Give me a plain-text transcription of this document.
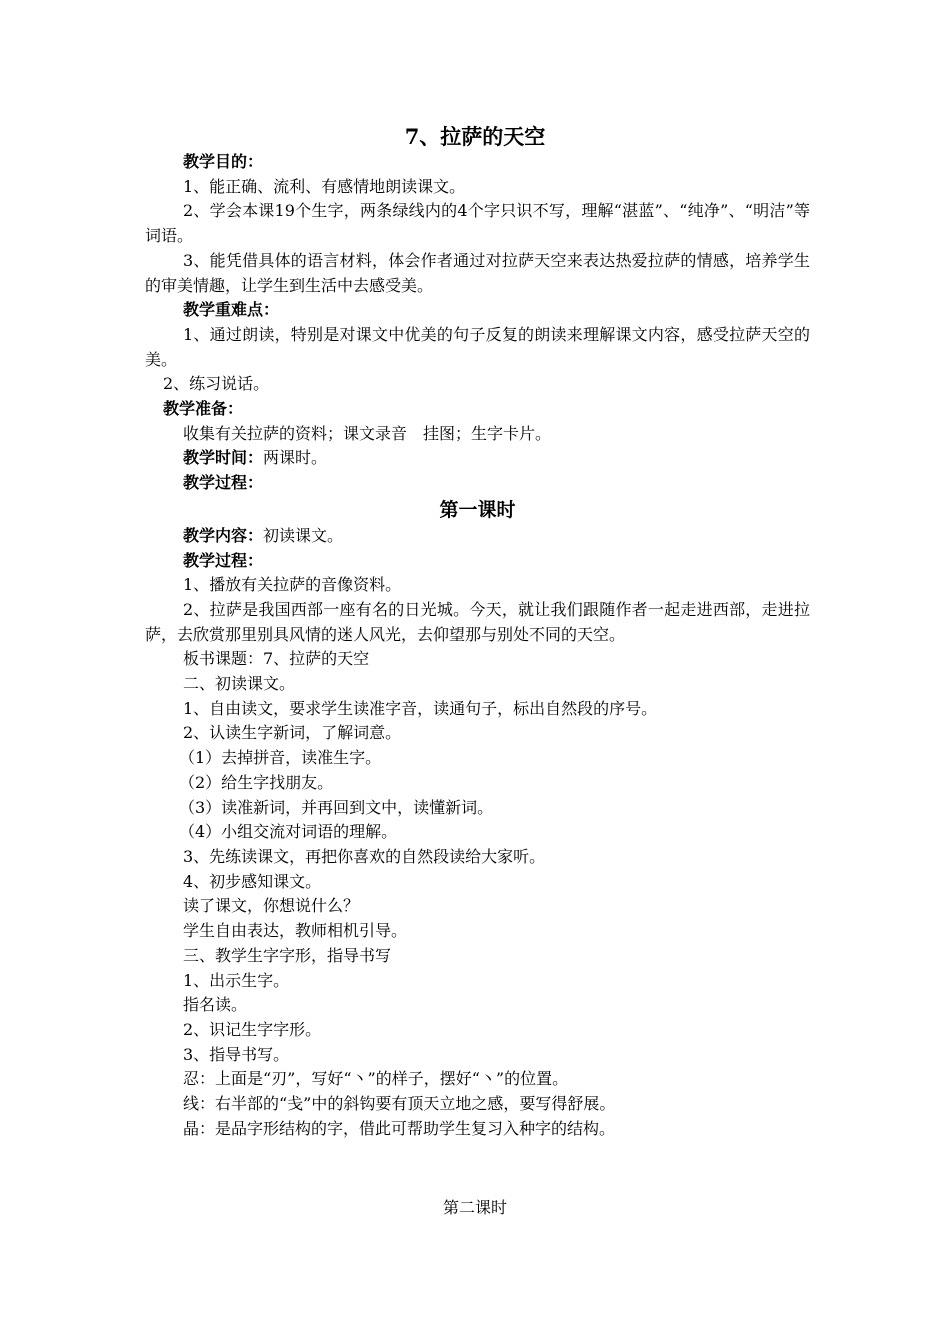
7、拉萨的天空

教学目的：

1、能正确、流利、有感情地朗读课文。

2、学会本课19个生字，两条绿线内的4个字只识不写，理解“湛蓝”、“纯净”、“明洁”等词语。

3、能凭借具体的语言材料，体会作者通过对拉萨天空来表达热爱拉萨的情感，培养学生的审美情趣，让学生到生活中去感受美。

教学重难点：

1、通过朗读，特别是对课文中优美的句子反复的朗读来理解课文内容，感受拉萨天空的美。

2、练习说话。

教学准备：

收集有关拉萨的资料；课文录音　挂图；生字卡片。

教学时间：两课时。

教学过程：

第一课时

教学内容：初读课文。

教学过程：

1、播放有关拉萨的音像资料。

2、拉萨是我国西部一座有名的日光城。今天，就让我们跟随作者一起走进西部，走进拉萨，去欣赏那里别具风情的迷人风光，去仰望那与别处不同的天空。

板书课题：7、拉萨的天空

二、初读课文。

1、自由读文，要求学生读准字音，读通句子，标出自然段的序号。

2、认读生字新词，了解词意。

（1）去掉拼音，读准生字。

（2）给生字找朋友。

（3）读准新词，并再回到文中，读懂新词。

（4）小组交流对词语的理解。

3、先练读课文，再把你喜欢的自然段读给大家听。

4、初步感知课文。

读了课文，你想说什么？

学生自由表达，教师相机引导。

三、教学生字字形，指导书写

1、出示生字。

指名读。

2、识记生字字形。

3、指导书写。

忍：上面是“刃”，写好“丶”的样子，摆好“丶”的位置。

线：右半部的“戋”中的斜钩要有顶天立地之感，要写得舒展。

晶：是品字形结构的字，借此可帮助学生复习入种字的结构。

第二课时
